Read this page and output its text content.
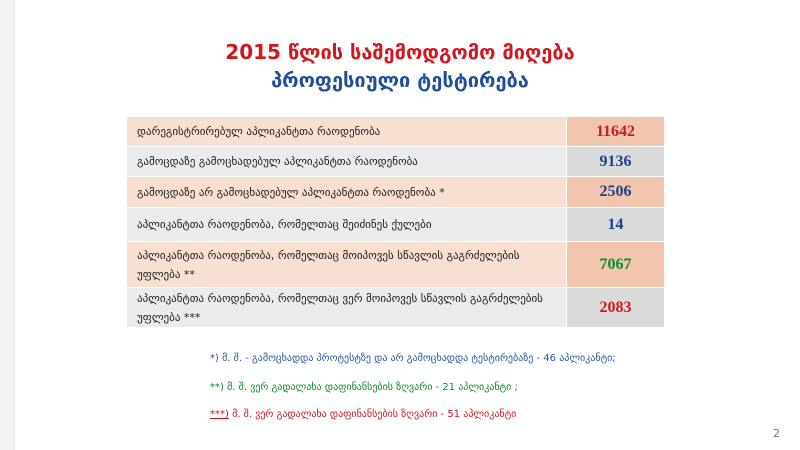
2015 წლის საშემოდგომო მიღება
პროფესიული ტესტირება
დარეგისტრირებულ აპლიკანტთა რაოდენობა	11642
გამოცდაზე გამოცხადებულ აპლიკანტთა რაოდენობა	9136
გამოცდაზე არ გამოცხადებულ აპლიკანტთა რაოდენობა *	2506
აპლიკანტთა რაოდენობა, რომელთაც შეიძინეს ქულები	14
აპლიკანტთა რაოდენობა, რომელთაც მოიპოვეს სწავლის გაგრძელების უფლება **	7067
აპლიკანტთა რაოდენობა, რომელთაც ვერ მოიპოვეს სწავლის გაგრძელების უფლება ***	2083
*) მ. შ. - გამოცხადდა პროტესტზე და არ გამოცხადდა ტესტირებაზე - 46 აპლიკანტი;
**) მ. შ. ვერ გადალახა დაფინანსების ზღვარი - 21 აპლიკანტი ;
***) მ. შ. ვერ გადალახა დაფინანსების ზღვარი - 51 აპლიკანტი
2
